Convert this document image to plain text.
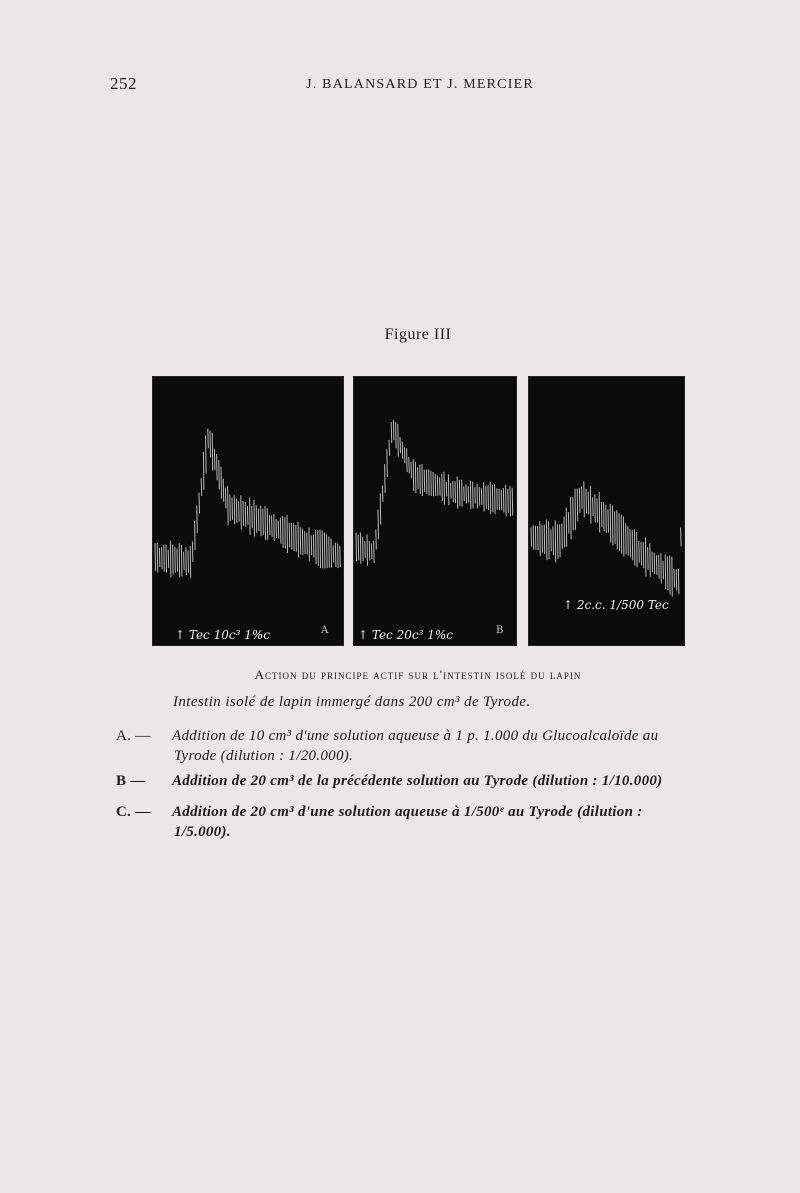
252	J. BALANSARD ET J. MERCIER
Figure III
↑ Tec 10c³ 1%c	A ↑ Tec 20c³ 1%c	B
↑ 2c.c. 1/500 Tec
Action du principe actif sur l'intestin isolé du lapin
Intestin isolé de lapin immergé dans 200 cm³ de Tyrode.
A. — Addition de 10 cm³ d'une solution aqueuse à 1 p. 1.000 du Glucoalcaloïde au
Tyrode (dilution : 1/20.000).
B — Addition de 20 cm³ de la précédente solution au Tyrode (dilution : 1/10.000)
C. — Addition de 20 cm³ d'une solution aqueuse à 1/500ᵉ au Tyrode (dilution :
1/5.000).
